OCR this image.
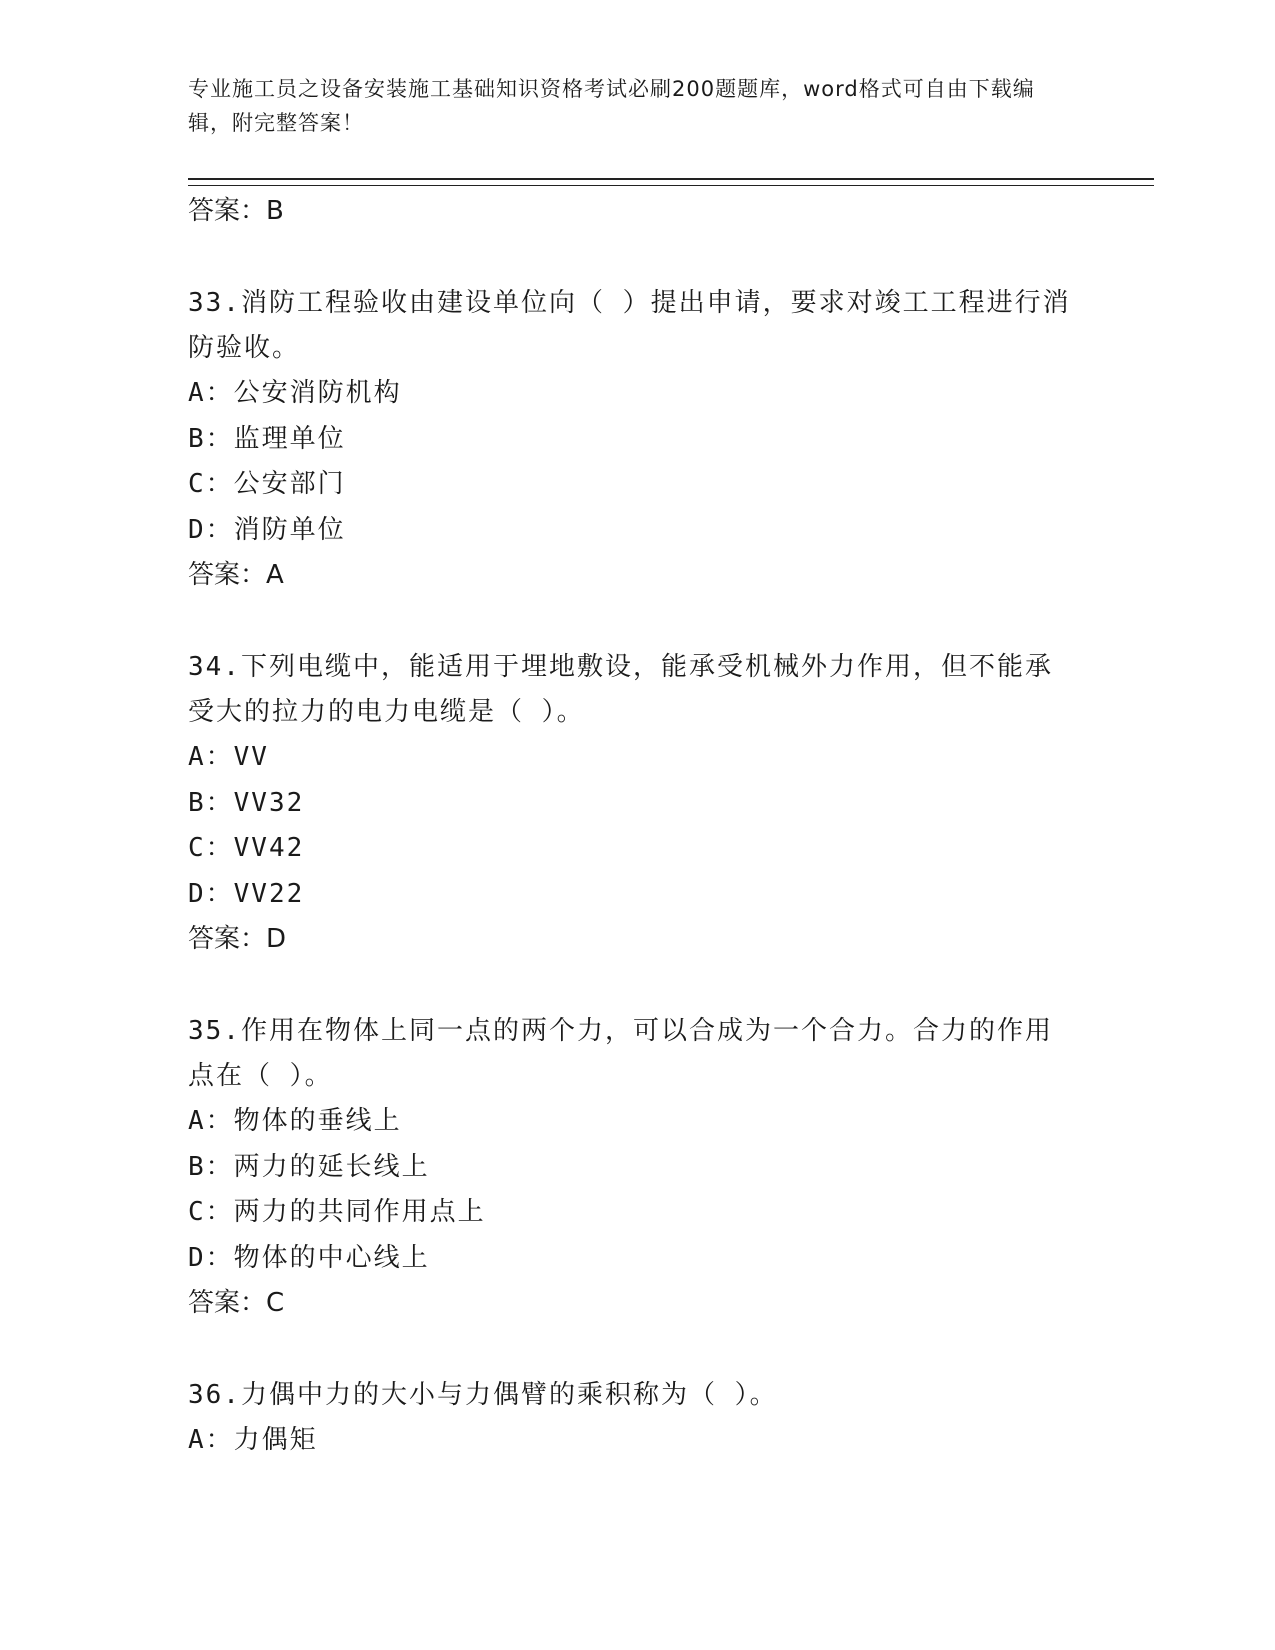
专业施工员之设备安装施工基础知识资格考试必刷200题题库，word格式可自由下载编辑，附完整答案！

答案：B

33.消防工程验收由建设单位向（ ）提出申请，要求对竣工工程进行消防验收。

A：公安消防机构

B：监理单位

C：公安部门

D：消防单位

答案：A

34.下列电缆中，能适用于埋地敷设，能承受机械外力作用，但不能承受大的拉力的电力电缆是（ ）。

A：VV

B：VV32

C：VV42

D：VV22

答案：D

35.作用在物体上同一点的两个力，可以合成为一个合力。合力的作用点在（ ）。

A：物体的垂线上

B：两力的延长线上

C：两力的共同作用点上

D：物体的中心线上

答案：C

36.力偶中力的大小与力偶臂的乘积称为（ ）。

A：力偶矩
